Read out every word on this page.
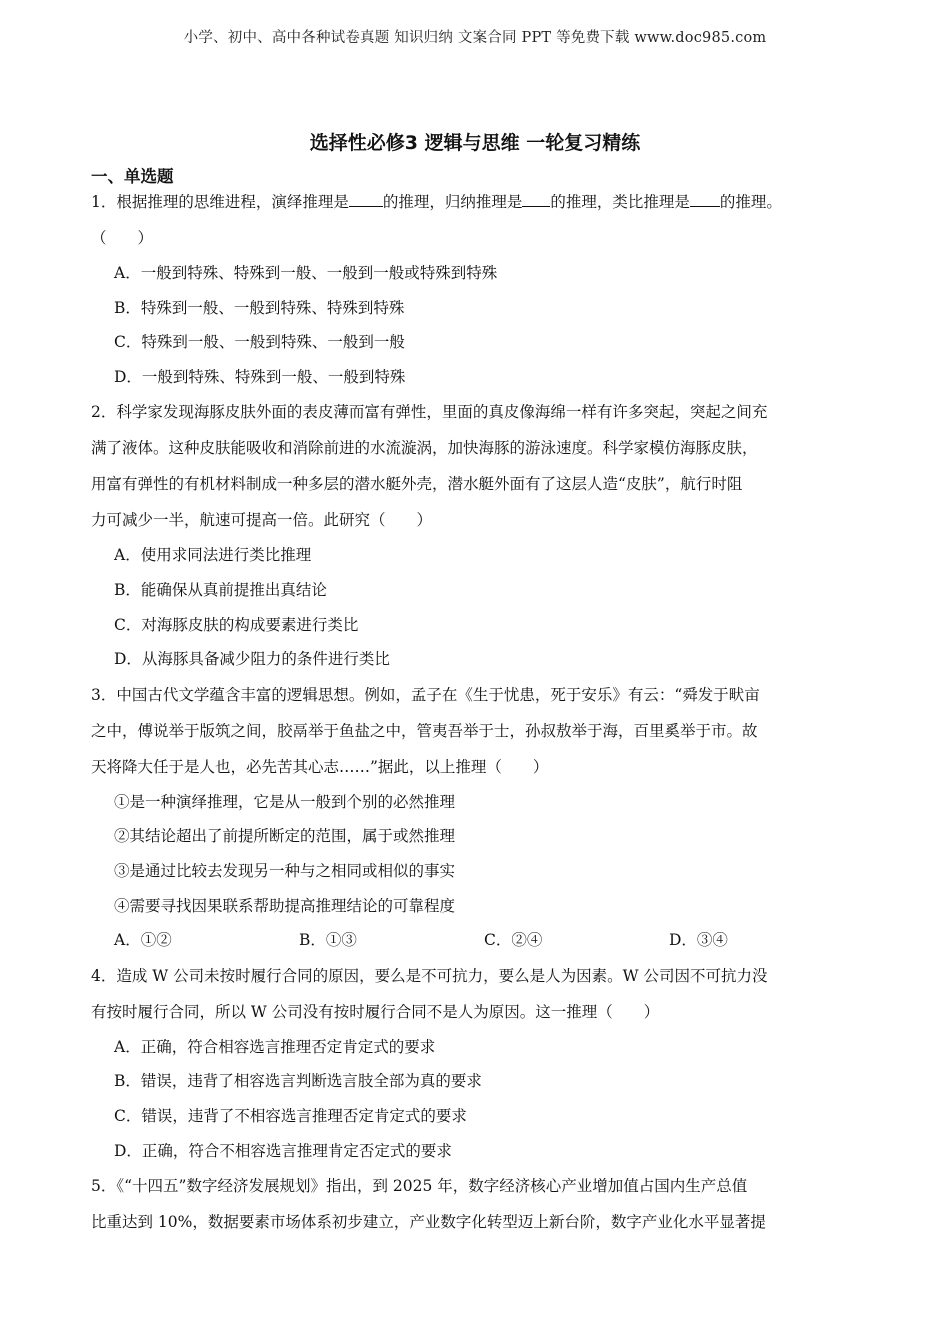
小学、初中、高中各种试卷真题 知识归纳 文案合同 PPT 等免费下载 www.doc985.com
选择性必修3 逻辑与思维 一轮复习精练
一、单选题

1．根据推理的思维进程，演绎推理是 的推理，归纳推理是 的推理，类比推理是 的推理。

（　　）

A．一般到特殊、特殊到一般、一般到一般或特殊到特殊

B．特殊到一般、一般到特殊、特殊到特殊

C．特殊到一般、一般到特殊、一般到一般

D．一般到特殊、特殊到一般、一般到特殊

2．科学家发现海豚皮肤外面的表皮薄而富有弹性，里面的真皮像海绵一样有许多突起，突起之间充

满了液体。这种皮肤能吸收和消除前进的水流漩涡，加快海豚的游泳速度。科学家模仿海豚皮肤，

用富有弹性的有机材料制成一种多层的潜水艇外壳，潜水艇外面有了这层人造“皮肤”，航行时阻

力可减少一半，航速可提高一倍。此研究（　　）

A．使用求同法进行类比推理

B．能确保从真前提推出真结论

C．对海豚皮肤的构成要素进行类比

D．从海豚具备减少阻力的条件进行类比

3．中国古代文学蕴含丰富的逻辑思想。例如，孟子在《生于忧患，死于安乐》有云：“舜发于畎亩

之中，傅说举于版筑之间，胶鬲举于鱼盐之中，管夷吾举于士，孙叔敖举于海，百里奚举于市。故

天将降大任于是人也，必先苦其心志……”据此，以上推理（　　）

①是一种演绎推理，它是从一般到个别的必然推理

②其结论超出了前提所断定的范围，属于或然推理

③是通过比较去发现另一种与之相同或相似的事实

④需要寻找因果联系帮助提高推理结论的可靠程度

A．①②	B．①③	C．②④	D．③④

4．造成 W 公司未按时履行合同的原因，要么是不可抗力，要么是人为因素。W 公司因不可抗力没

有按时履行合同，所以 W 公司没有按时履行合同不是人为原因。这一推理（　　）

A．正确，符合相容选言推理否定肯定式的要求

B．错误，违背了相容选言判断选言肢全部为真的要求

C．错误，违背了不相容选言推理否定肯定式的要求

D．正确，符合不相容选言推理肯定否定式的要求

5．《“十四五”数字经济发展规划》指出，到 2025 年，数字经济核心产业增加值占国内生产总值

比重达到 10%，数据要素市场体系初步建立，产业数字化转型迈上新台阶，数字产业化水平显著提
